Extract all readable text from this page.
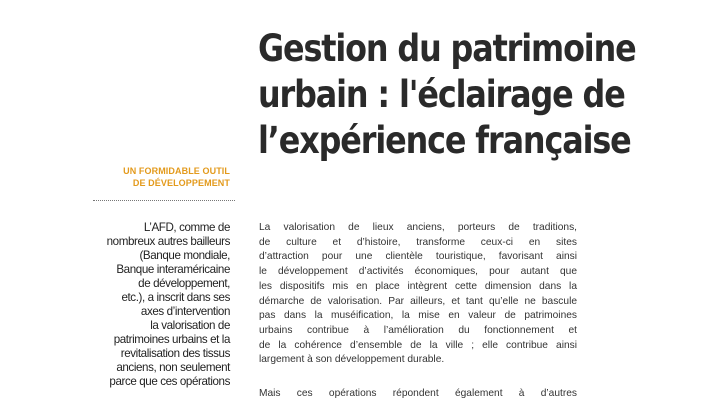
Gestion du patrimoine
urbain : l'éclairage de
l’expérience française
UN FORMIDABLE OUTIL
DE DÉVELOPPEMENT
L’AFD, comme de
nombreux autres bailleurs
(Banque mondiale,
Banque interaméricaine
de développement,
etc.), a inscrit dans ses
axes d’intervention
la valorisation de
patrimoines urbains et la
revitalisation des tissus
anciens, non seulement
parce que ces opérations
La valorisation de lieux anciens, porteurs de traditions,
de culture et d’histoire, transforme ceux-ci en sites
d’attraction pour une clientèle touristique, favorisant ainsi
le développement d’activités économiques, pour autant que
les dispositifs mis en place intègrent cette dimension dans la
démarche de valorisation. Par ailleurs, et tant qu’elle ne bascule
pas dans la muséification, la mise en valeur de patrimoines
urbains contribue à l’amélioration du fonctionnement et
de la cohérence d’ensemble de la ville ; elle contribue ainsi
largement à son développement durable.
Mais ces opérations répondent également à d’autres
